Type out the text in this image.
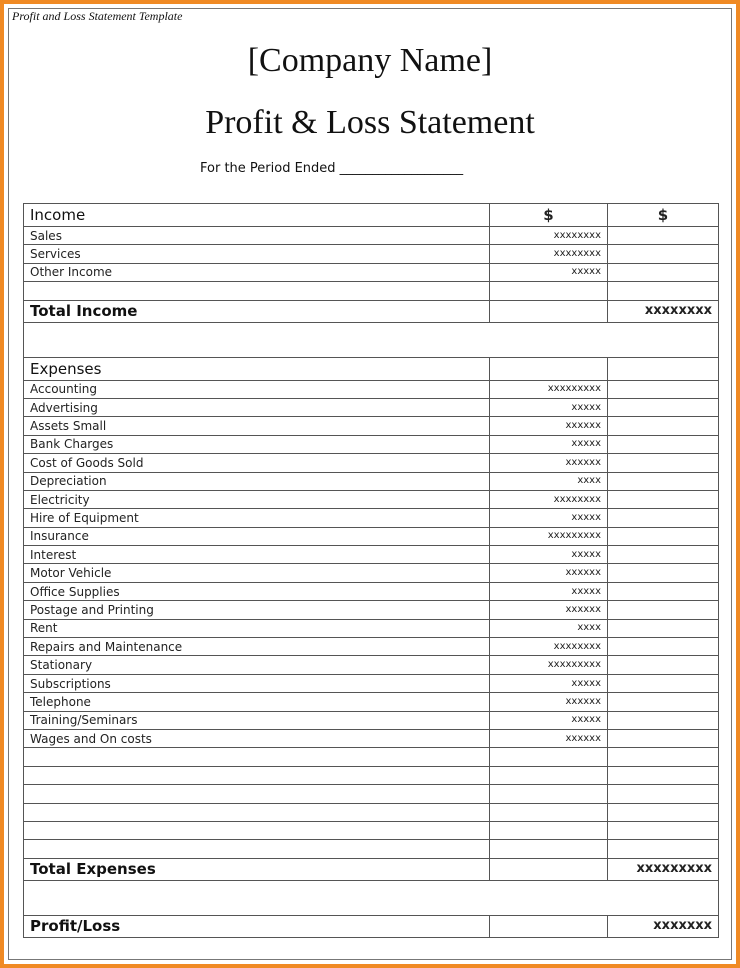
Profit and Loss Statement Template
[Company Name]
Profit & Loss Statement
For the Period Ended ___________________
Income	$	$
Sales	xxxxxxxx	
Services	xxxxxxxx	
Other Income	xxxxx	

Total Income		xxxxxxxx

Expenses		
Accounting	xxxxxxxxx	
Advertising	xxxxx	
Assets Small	xxxxxx	
Bank Charges	xxxxx	
Cost of Goods Sold	xxxxxx	
Depreciation	xxxx	
Electricity	xxxxxxxx	
Hire of Equipment	xxxxx	
Insurance	xxxxxxxxx	
Interest	xxxxx	
Motor Vehicle	xxxxxx	
Office Supplies	xxxxx	
Postage and Printing	xxxxxx	
Rent	xxxx	
Repairs and Maintenance	xxxxxxxx	
Stationary	xxxxxxxxx	
Subscriptions	xxxxx	
Telephone	xxxxxx	
Training/Seminars	xxxxx	
Wages and On costs	xxxxxx	

Total Expenses		xxxxxxxxx

Profit/Loss		xxxxxxx
